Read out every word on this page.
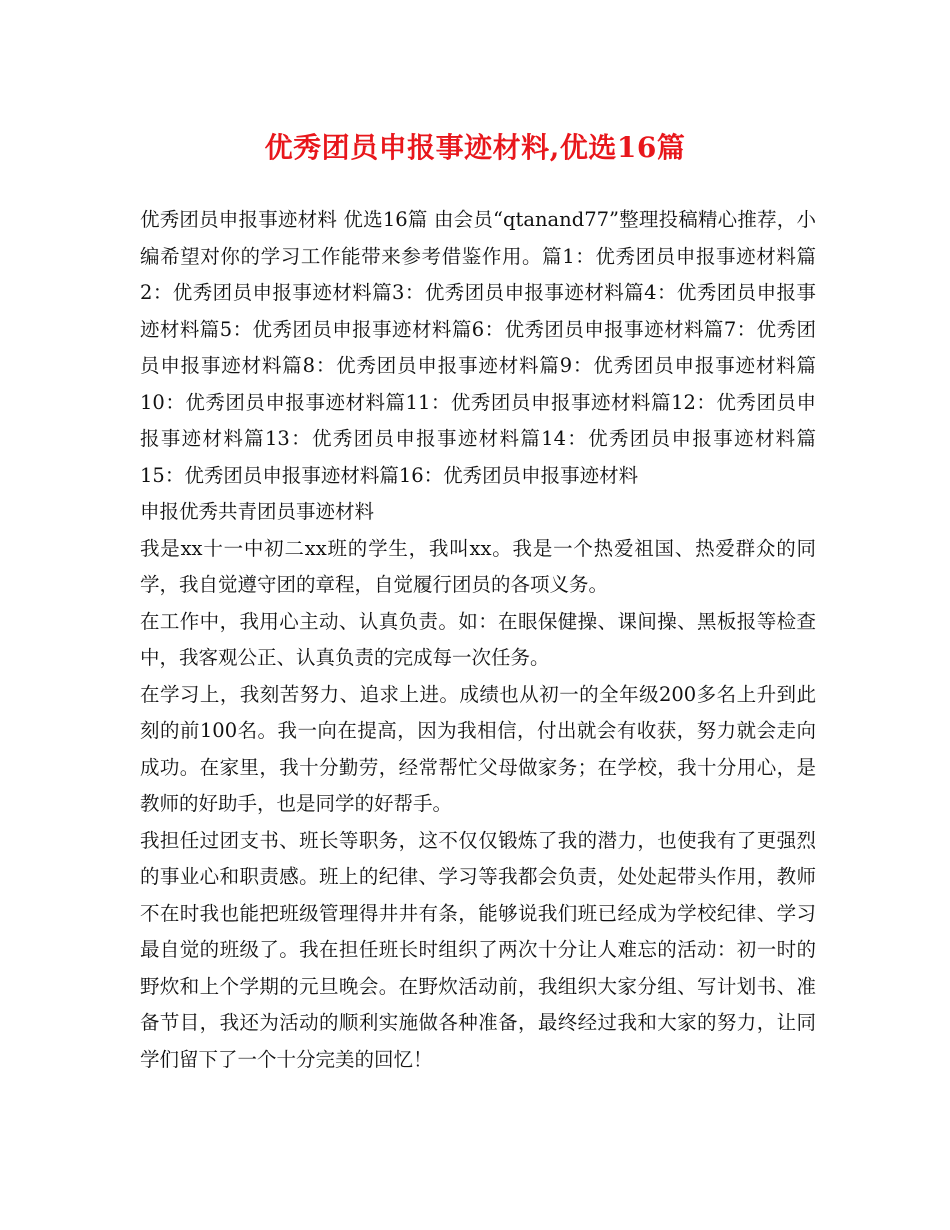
优秀团员申报事迹材料,优选16篇

优秀团员申报事迹材料 优选16篇 由会员“qtanand77”整理投稿精心推荐，小编希望对你的学习工作能带来参考借鉴作用。篇1：优秀团员申报事迹材料篇2：优秀团员申报事迹材料篇3：优秀团员申报事迹材料篇4：优秀团员申报事迹材料篇5：优秀团员申报事迹材料篇6：优秀团员申报事迹材料篇7：优秀团员申报事迹材料篇8：优秀团员申报事迹材料篇9：优秀团员申报事迹材料篇10：优秀团员申报事迹材料篇11：优秀团员申报事迹材料篇12：优秀团员申报事迹材料篇13：优秀团员申报事迹材料篇14：优秀团员申报事迹材料篇15：优秀团员申报事迹材料篇16：优秀团员申报事迹材料

申报优秀共青团员事迹材料

我是xx十一中初二xx班的学生，我叫xx。我是一个热爱祖国、热爱群众的同学，我自觉遵守团的章程，自觉履行团员的各项义务。

在工作中，我用心主动、认真负责。如：在眼保健操、课间操、黑板报等检查中，我客观公正、认真负责的完成每一次任务。

在学习上，我刻苦努力、追求上进。成绩也从初一的全年级200多名上升到此刻的前100名。我一向在提高，因为我相信，付出就会有收获，努力就会走向成功。在家里，我十分勤劳，经常帮忙父母做家务；在学校，我十分用心，是教师的好助手，也是同学的好帮手。

我担任过团支书、班长等职务，这不仅仅锻炼了我的潜力，也使我有了更强烈的事业心和职责感。班上的纪律、学习等我都会负责，处处起带头作用，教师不在时我也能把班级管理得井井有条，能够说我们班已经成为学校纪律、学习最自觉的班级了。我在担任班长时组织了两次十分让人难忘的活动：初一时的野炊和上个学期的元旦晚会。在野炊活动前，我组织大家分组、写计划书、准备节目，我还为活动的顺利实施做各种准备，最终经过我和大家的努力，让同学们留下了一个十分完美的回忆！
